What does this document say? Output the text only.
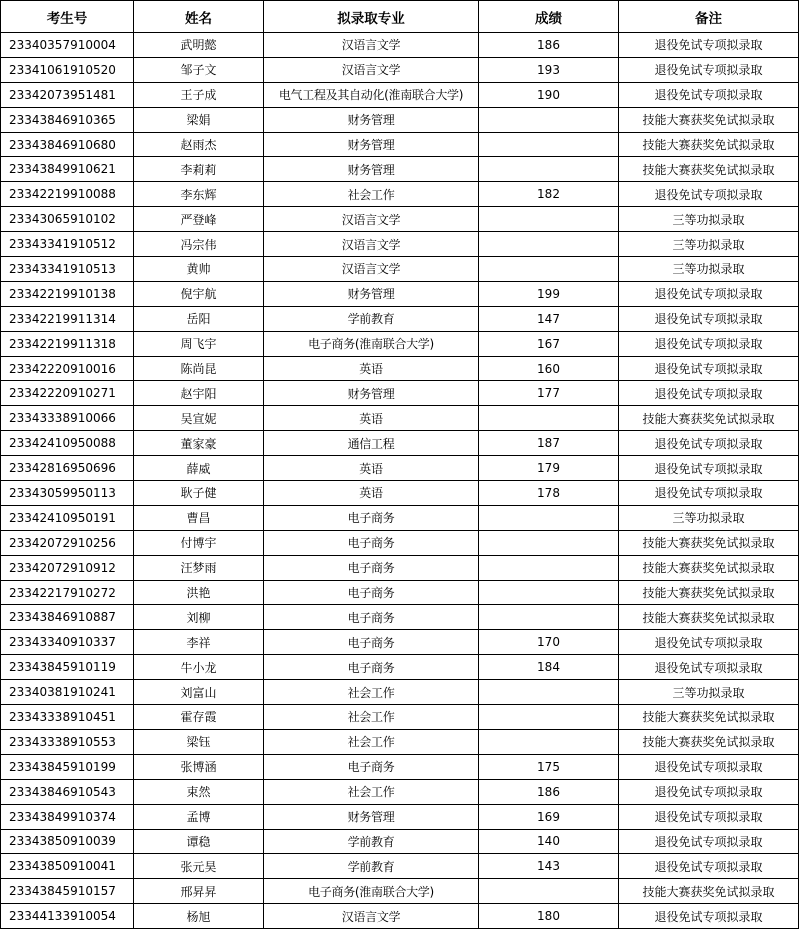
考生号	姓名	拟录取专业	成绩	备注
23340357910004	武明懿	汉语言文学	186	退役免试专项拟录取
23341061910520	邹子文	汉语言文学	193	退役免试专项拟录取
23342073951481	王子成	电气工程及其自动化(淮南联合大学)	190	退役免试专项拟录取
23343846910365	梁娟	财务管理		技能大赛获奖免试拟录取
23343846910680	赵雨杰	财务管理		技能大赛获奖免试拟录取
23343849910621	李莉莉	财务管理		技能大赛获奖免试拟录取
23342219910088	李东辉	社会工作	182	退役免试专项拟录取
23343065910102	严登峰	汉语言文学		三等功拟录取
23343341910512	冯宗伟	汉语言文学		三等功拟录取
23343341910513	黄帅	汉语言文学		三等功拟录取
23342219910138	倪宇航	财务管理	199	退役免试专项拟录取
23342219911314	岳阳	学前教育	147	退役免试专项拟录取
23342219911318	周飞宇	电子商务(淮南联合大学)	167	退役免试专项拟录取
23342220910016	陈尚昆	英语	160	退役免试专项拟录取
23342220910271	赵宇阳	财务管理	177	退役免试专项拟录取
23343338910066	吴宣妮	英语		技能大赛获奖免试拟录取
23342410950088	董家豪	通信工程	187	退役免试专项拟录取
23342816950696	薛威	英语	179	退役免试专项拟录取
23343059950113	耿子健	英语	178	退役免试专项拟录取
23342410950191	曹昌	电子商务		三等功拟录取
23342072910256	付博宇	电子商务		技能大赛获奖免试拟录取
23342072910912	汪梦雨	电子商务		技能大赛获奖免试拟录取
23342217910272	洪艳	电子商务		技能大赛获奖免试拟录取
23343846910887	刘柳	电子商务		技能大赛获奖免试拟录取
23343340910337	李祥	电子商务	170	退役免试专项拟录取
23343845910119	牛小龙	电子商务	184	退役免试专项拟录取
23340381910241	刘富山	社会工作		三等功拟录取
23343338910451	霍存霞	社会工作		技能大赛获奖免试拟录取
23343338910553	梁钰	社会工作		技能大赛获奖免试拟录取
23343845910199	张博涵	电子商务	175	退役免试专项拟录取
23343846910543	束然	社会工作	186	退役免试专项拟录取
23343849910374	孟博	财务管理	169	退役免试专项拟录取
23343850910039	谭稳	学前教育	140	退役免试专项拟录取
23343850910041	张元昊	学前教育	143	退役免试专项拟录取
23343845910157	邢昇昇	电子商务(淮南联合大学)		技能大赛获奖免试拟录取
23344133910054	杨旭	汉语言文学	180	退役免试专项拟录取
